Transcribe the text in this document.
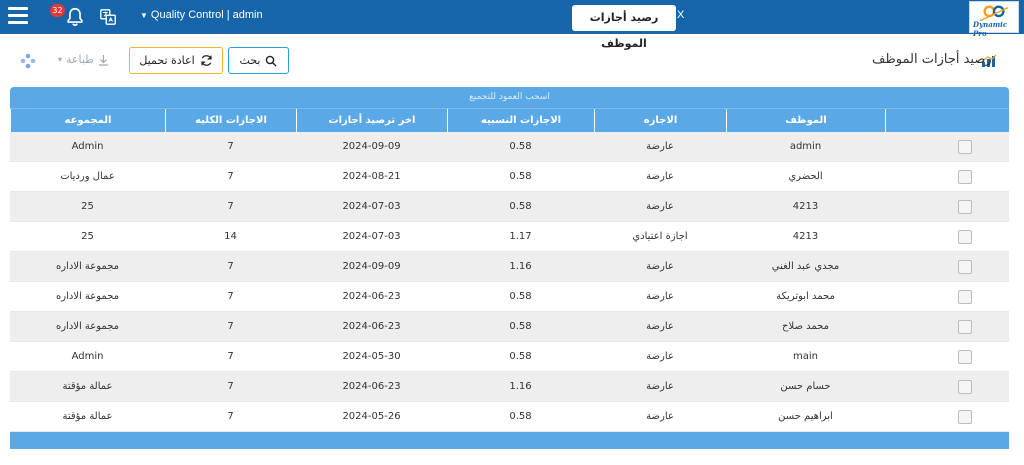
32
▼ Quality Control | admin	رصيد أجازات الموظف
X
Dynamic Pro
رصيد أجازات الموظف
بحث
اعادة تحميل
▾ طباعة
اسحب العمود للتجميع
المجموعه	الاجازات الكليه	اخر ترصيد أجازات	الاجازات النسبيه	الاجازه	الموظف
Admin	7	2024-09-09	0.58	عارضة	admin
عمال ورديات	7	2024-08-21	0.58	عارضة	الحضري
25	7	2024-07-03	0.58	عارضة	4213
25	14	2024-07-03	1.17	اجازة اعتيادي	4213
مجموعة الاداره	7	2024-09-09	1.16	عارضة	مجدي عبد الغني
مجموعة الاداره	7	2024-06-23	0.58	عارضة	محمد ابوتريكة
مجموعة الاداره	7	2024-06-23	0.58	عارضة	محمد صلاح
Admin	7	2024-05-30	0.58	عارضة	main
عمالة مؤقتة	7	2024-06-23	1.16	عارضة	حسام حسن
عمالة مؤقتة	7	2024-05-26	0.58	عارضة	ابراهيم حسن
